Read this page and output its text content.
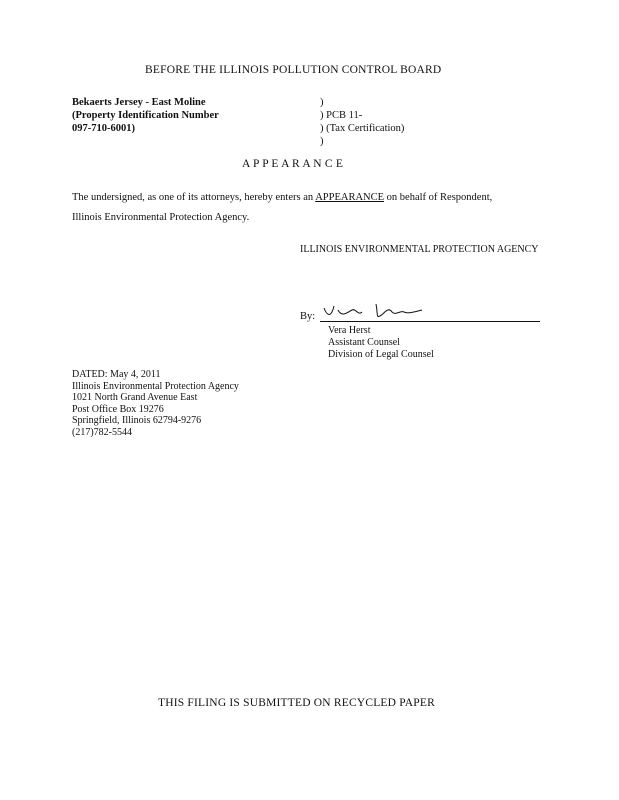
BEFORE THE ILLINOIS POLLUTION CONTROL BOARD
Bekaerts Jersey - East Moline
(Property Identification Number
097-710-6001)
)
) PCB 11-
) (Tax Certification)
)
A P P E A R A N C E
The undersigned, as one of its attorneys, hereby enters an APPEARANCE on behalf of Respondent,
Illinois Environmental Protection Agency.
ILLINOIS ENVIRONMENTAL PROTECTION AGENCY
By:
Vera Herst
Assistant Counsel
Division of Legal Counsel
DATED: May 4, 2011
Illinois Environmental Protection Agency
1021 North Grand Avenue East
Post Office Box 19276
Springfield, Illinois 62794-9276
(217)782-5544
THIS FILING IS SUBMITTED ON RECYCLED PAPER
